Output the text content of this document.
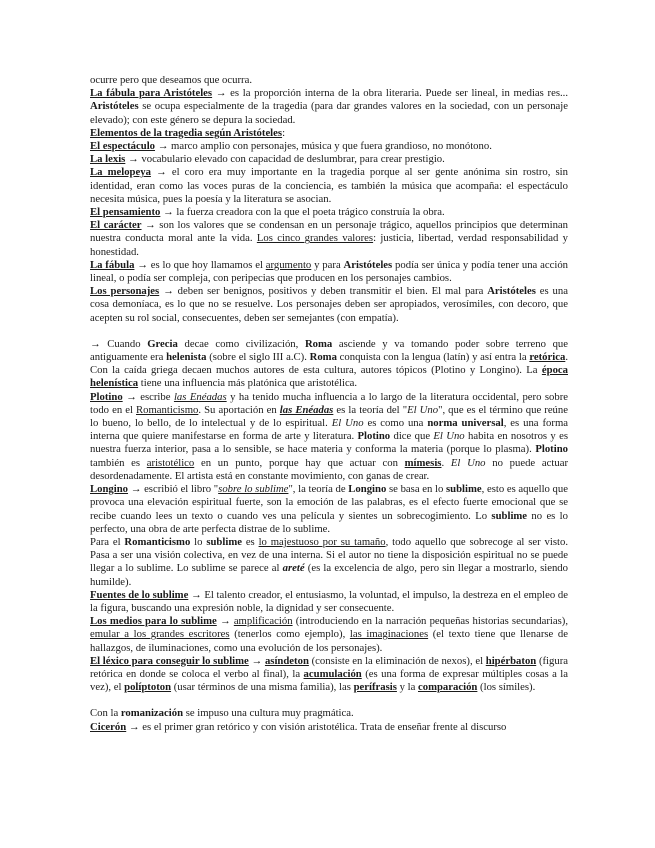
ocurre pero que deseamos que ocurra.

La fábula para Aristóteles → es la proporción interna de la obra literaria. Puede ser lineal, in medias res... Aristóteles se ocupa especialmente de la tragedia (para dar grandes valores en la sociedad, con un personaje elevado); con este género se depura la sociedad.

Elementos de la tragedia según Aristóteles:

El espectáculo → marco amplio con personajes, música y que fuera grandioso, no monótono.

La lexis → vocabulario elevado con capacidad de deslumbrar, para crear prestigio.

La melopeya → el coro era muy importante en la tragedia porque al ser gente anónima sin rostro, sin identidad, eran como las voces puras de la conciencia, es también la música que acompaña: el espectáculo necesita música, pues la poesía y la literatura se asocian.

El pensamiento → la fuerza creadora con la que el poeta trágico construía la obra.

El carácter → son los valores que se condensan en un personaje trágico, aquellos principios que determinan nuestra conducta moral ante la vida. Los cinco grandes valores: justicia, libertad, verdad responsabilidad y honestidad.

La fábula → es lo que hoy llamamos el argumento y para Aristóteles podía ser única y podía tener una acción lineal, o podía ser compleja, con peripecias que producen en los personajes cambios.

Los personajes → deben ser benignos, positivos y deben transmitir el bien. El mal para Aristóteles es una cosa demoníaca, es lo que no se resuelve. Los personajes deben ser apropiados, verosímiles, con decoro, que acepten su rol social, consecuentes, deben ser semejantes (con empatía).

→ Cuando Grecia decae como civilización, Roma asciende y va tomando poder sobre terreno que antiguamente era helenista (sobre el siglo III a.C). Roma conquista con la lengua (latín) y así entra la retórica. Con la caída griega decaen muchos autores de esta cultura, autores tópicos (Plotino y Longino). La época helenística tiene una influencia más platónica que aristotélica.

Plotino → escribe las Enéadas y ha tenido mucha influencia a lo largo de la literatura occidental, pero sobre todo en el Romanticismo. Su aportación en las Enéadas es la teoría del "El Uno", que es el término que reúne lo bueno, lo bello, de lo intelectual y de lo espiritual. El Uno es como una norma universal, es una forma interna que quiere manifestarse en forma de arte y literatura. Plotino dice que El Uno habita en nosotros y es nuestra fuerza interior, pasa a lo sensible, se hace materia y conforma la materia (porque lo plasma). Plotino también es aristotélico en un punto, porque hay que actuar con mímesis. El Uno no puede actuar desordenadamente. El artista está en constante movimiento, con ganas de crear.

Longino → escribió el libro "sobre lo sublime", la teoría de Longino se basa en lo sublime, esto es aquello que provoca una elevación espiritual fuerte, son la emoción de las palabras, es el efecto fuerte emocional que se recibe cuando lees un texto o cuando ves una película y sientes un sobrecogimiento. Lo sublime no es lo perfecto, una obra de arte perfecta distrae de lo sublime.

Para el Romanticismo lo sublime es lo majestuoso por su tamaño, todo aquello que sobrecoge al ser visto. Pasa a ser una visión colectiva, en vez de una interna. Si el autor no tiene la disposición espiritual no se puede llegar a lo sublime. Lo sublime se parece al areté (es la excelencia de algo, pero sin llegar a mostrarlo, siendo humilde).

Fuentes de lo sublime → El talento creador, el entusiasmo, la voluntad, el impulso, la destreza en el empleo de la figura, buscando una expresión noble, la dignidad y ser consecuente.

Los medios para lo sublime → amplificación (introduciendo en la narración pequeñas historias secundarias), emular a los grandes escritores (tenerlos como ejemplo), las imaginaciones (el texto tiene que llenarse de hallazgos, de iluminaciones, como una evolución de los personajes).

El léxico para conseguir lo sublime → asíndeton (consiste en la eliminación de nexos), el hipérbaton (figura retórica en donde se coloca el verbo al final), la acumulación (es una forma de expresar múltiples cosas a la vez), el políptoton (usar términos de una misma familia), las perífrasis y la comparación (los símiles).

Con la romanización se impuso una cultura muy pragmática.

Cicerón → es el primer gran retórico y con visión aristotélica. Trata de enseñar frente al discurso
